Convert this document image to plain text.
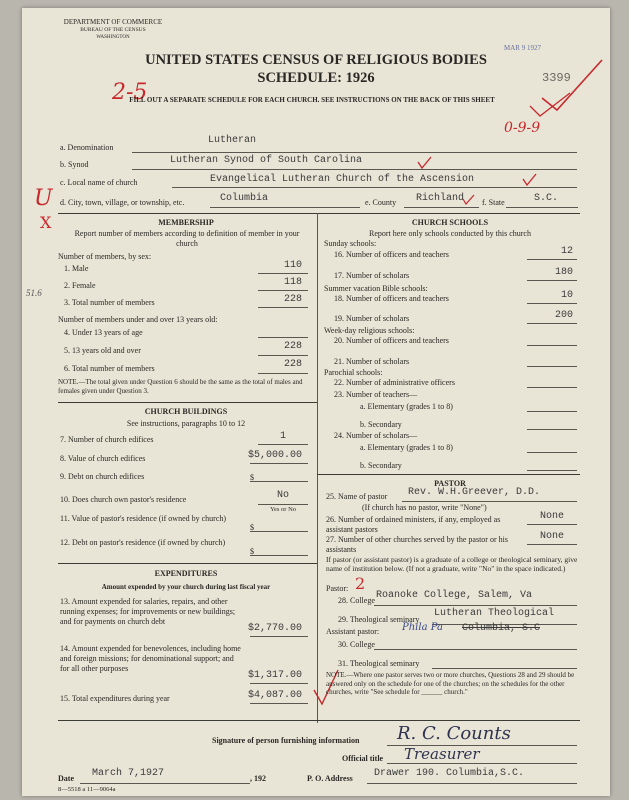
DEPARTMENT OF COMMERCE
BUREAU OF THE CENSUS
WASHINGTON
MAR 9 1927
3399
UNITED STATES CENSUS OF RELIGIOUS BODIES
SCHEDULE: 1926
2-5
FILL OUT A SEPARATE SCHEDULE FOR EACH CHURCH. SEE INSTRUCTIONS ON THE BACK OF THIS SHEET
0-9-9
a. Denomination
Lutheran
b. Synod	Lutheran Synod of South Carolina
c. Local name of church	Evangelical Lutheran Church of the Ascension
d. City, town, village, or township, etc.	Columbia	e. County Richland f. State	S.C.
U
X	MEMBERSHIP
Report number of members according to definition of member in your church
Number of members, by sex:
1. Male	110
2. Female	118
3. Total number of members	228
51.6
Number of members under and over 13 years old:
4. Under 13 years of age
5. 13 years old and over	228
6. Total number of members	228
NOTE.—The total given under Question 6 should be the same as the total of males and females given under Question 3.
CHURCH BUILDINGS
See instructions, paragraphs 10 to 12
7. Number of church edifices	1
8. Value of church edifices	$5,000.00
9. Debt on church edifices	$
10. Does church own pastor's residence	No
Yes or No
11. Value of pastor's residence (if owned by church)
$
12. Debt on pastor's residence (if owned by church)
$
EXPENDITURES
Amount expended by your church during last fiscal year
13. Amount expended for salaries, repairs, and other running expenses; for improvements or new buildings; and for payments on church debt
$2,770.00
14. Amount expended for benevolences, including home and foreign missions; for denominational support; and for all other purposes
$1,317.00
15. Total expenditures during year	$4,087.00
CHURCH SCHOOLS
Report here only schools conducted by this church
Sunday schools:
16. Number of officers and teachers	12
17. Number of scholars	180
Summer vacation Bible schools:
18. Number of officers and teachers	10
19. Number of scholars	200
Week-day religious schools:
20. Number of officers and teachers
21. Number of scholars
Parochial schools:
22. Number of administrative officers
23. Number of teachers—
a. Elementary (grades 1 to 8)
b. Secondary
24. Number of scholars—
a. Elementary (grades 1 to 8)
b. Secondary
PASTOR
25. Name of pastor Rev. W.H.Greever, D.D.
(If church has no pastor, write "None")
26. Number of ordained ministers, if any, employed as assistant pastors
None
27. Number of other churches served by the pastor or his assistants
None
If pastor (or assistant pastor) is a graduate of a college or theological seminary, give name of institution below. (If not a graduate, write "No" in the space indicated.)
Pastor: 2
28. College Roanoke College, Salem, Va
29. Theological seminary
Lutheran Theological
Assistant pastor: Phila Pa Columbia, S.C
30. College
31. Theological seminary
NOTE.—Where one pastor serves two or more churches, Questions 28 and 29 should be answered only on the schedule for one of the churches; on the schedules for the other churches, write "See schedule for ______ church."
Signature of person furnishing information R. C. Counts
Official title Treasurer
Date March 7,1927	, 192	P. O. Address Drawer 190. Columbia,S.C.
8—5518 a 11—9064a
